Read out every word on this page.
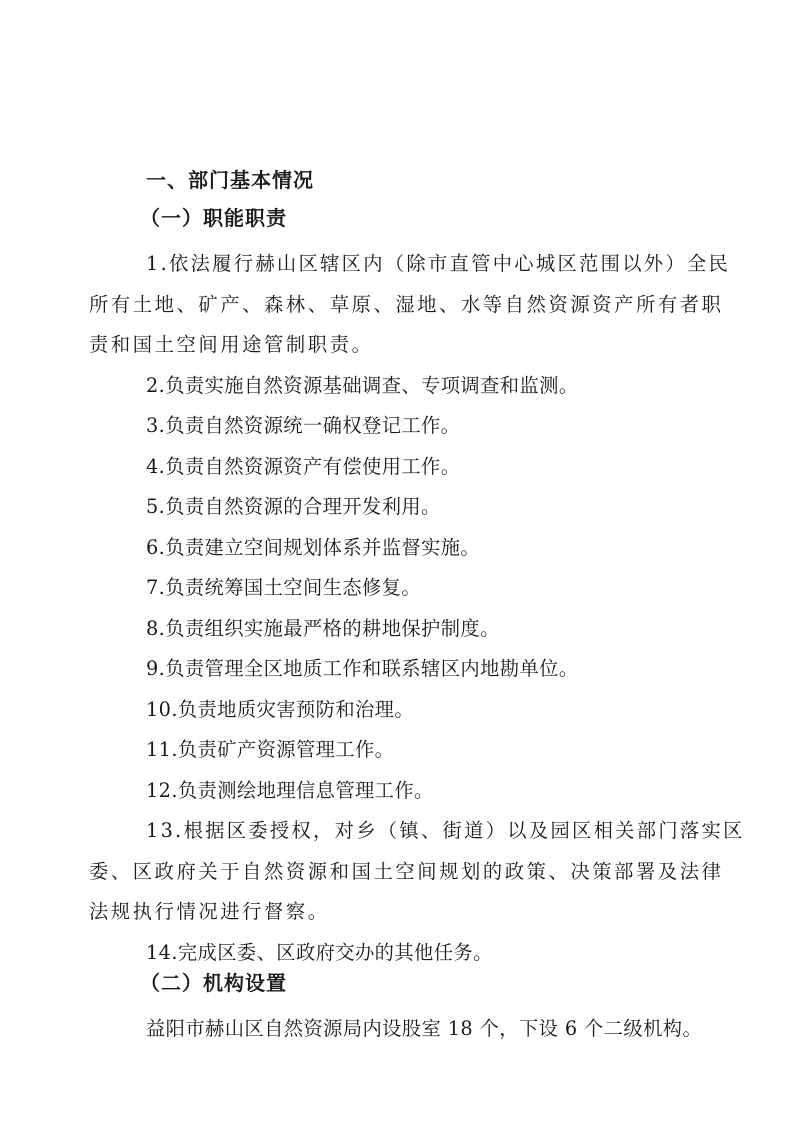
一、部门基本情况
（一）职能职责
1.依法履行赫山区辖区内（除市直管中心城区范围以外）全民
所有土地、矿产、森林、草原、湿地、水等自然资源资产所有者职
责和国土空间用途管制职责。
2.负责实施自然资源基础调查、专项调查和监测。
3.负责自然资源统一确权登记工作。
4.负责自然资源资产有偿使用工作。
5.负责自然资源的合理开发利用。
6.负责建立空间规划体系并监督实施。
7.负责统筹国土空间生态修复。
8.负责组织实施最严格的耕地保护制度。
9.负责管理全区地质工作和联系辖区内地勘单位。
10.负责地质灾害预防和治理。
11.负责矿产资源管理工作。
12.负责测绘地理信息管理工作。
13.根据区委授权，对乡（镇、街道）以及园区相关部门落实区
委、区政府关于自然资源和国土空间规划的政策、决策部署及法律
法规执行情况进行督察。
14.完成区委、区政府交办的其他任务。
（二）机构设置
益阳市赫山区自然资源局内设股室 18 个，下设 6 个二级机构。
